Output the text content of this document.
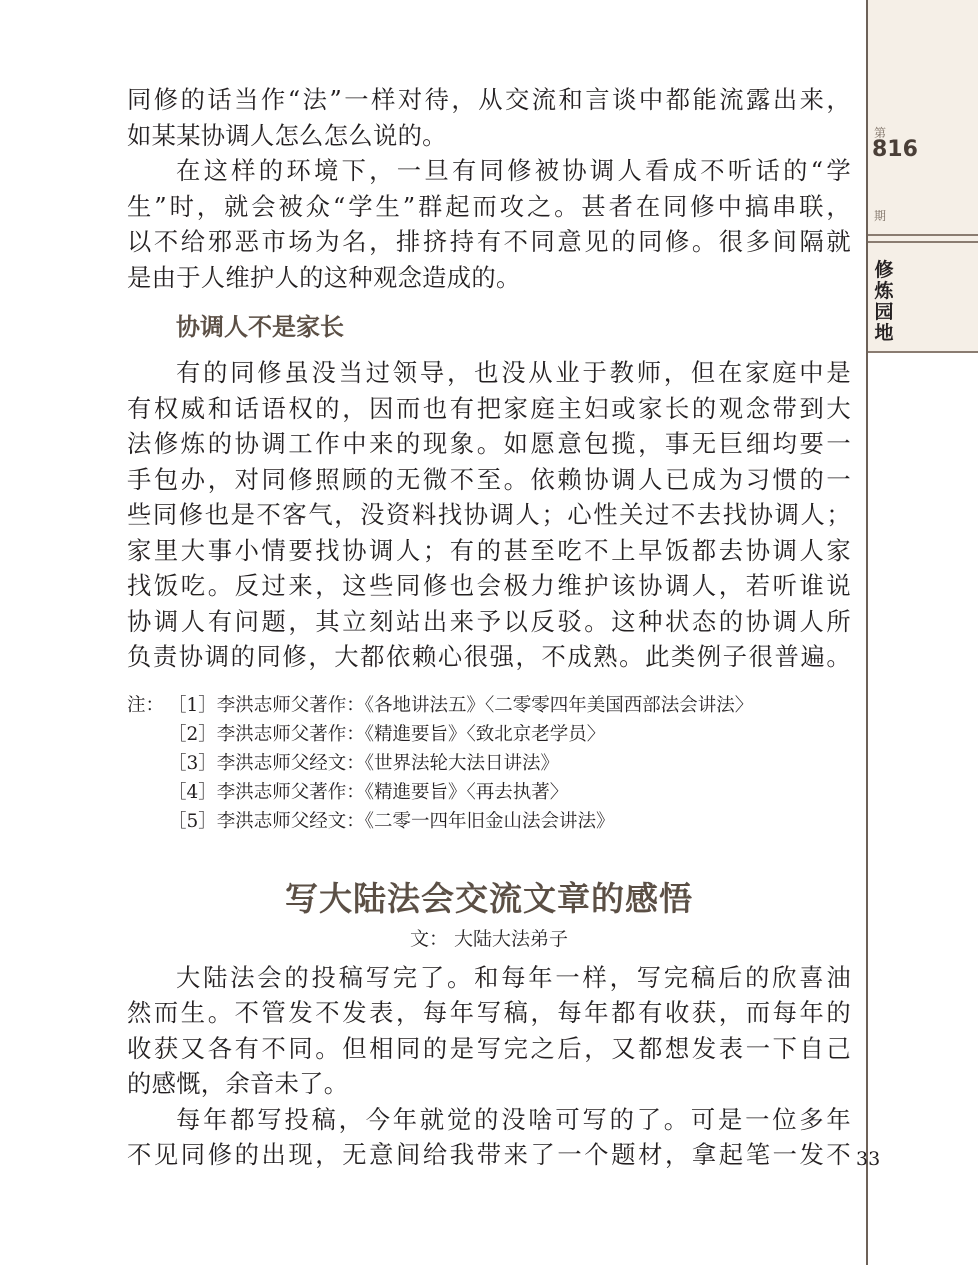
第
816
期
修炼园地
33

同修的话当作“法”一样对待，从交流和言谈中都能流露出来，

如某某协调人怎么怎么说的。

在这样的环境下，一旦有同修被协调人看成不听话的“学

生”时，就会被众“学生”群起而攻之。甚者在同修中搞串联，

以不给邪恶市场为名，排挤持有不同意见的同修。很多间隔就

是由于人维护人的这种观念造成的。

协调人不是家长

有的同修虽没当过领导，也没从业于教师，但在家庭中是

有权威和话语权的，因而也有把家庭主妇或家长的观念带到大

法修炼的协调工作中来的现象。如愿意包揽，事无巨细均要一

手包办，对同修照顾的无微不至。依赖协调人已成为习惯的一

些同修也是不客气，没资料找协调人；心性关过不去找协调人；

家里大事小情要找协调人；有的甚至吃不上早饭都去协调人家

找饭吃。反过来，这些同修也会极力维护该协调人，若听谁说

协调人有问题，其立刻站出来予以反驳。这种状态的协调人所

负责协调的同修，大都依赖心很强，不成熟。此类例子很普遍。

注： ［1］李洪志师父著作：《各地讲法五》〈二零零四年美国西部法会讲法〉
［2］李洪志师父著作：《精進要旨》〈致北京老学员〉
［3］李洪志师父经文：《世界法轮大法日讲法》
［4］李洪志师父著作：《精進要旨》〈再去执著〉
［5］李洪志师父经文：《二零一四年旧金山法会讲法》
写大陆法会交流文章的感悟
文： 大陆大法弟子

大陆法会的投稿写完了。和每年一样，写完稿后的欣喜油

然而生。不管发不发表，每年写稿，每年都有收获，而每年的

收获又各有不同。但相同的是写完之后，又都想发表一下自己

的感慨，余音未了。

每年都写投稿，今年就觉的没啥可写的了。可是一位多年

不见同修的出现，无意间给我带来了一个题材，拿起笔一发不
